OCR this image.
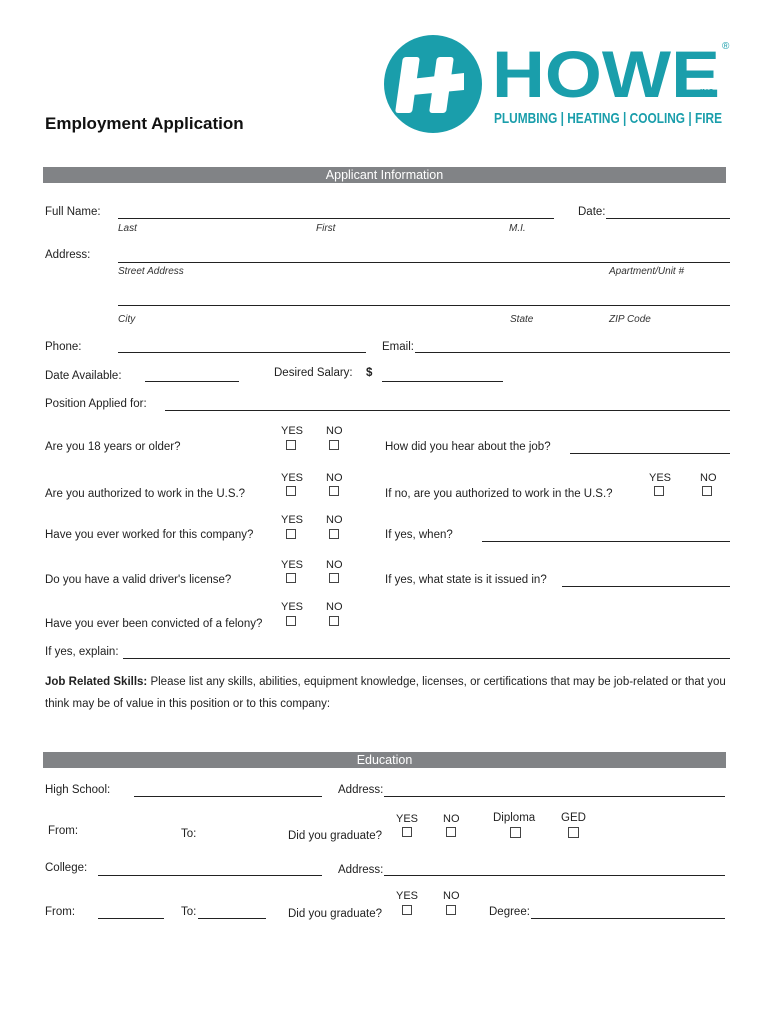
HOWE ®
INC.
PLUMBING | HEATING | COOLING | FIRE
Employment Application
Applicant Information
Full Name:	Date:
Last	First	M.I.
Address:
Street Address	Apartment/Unit #
City	State	ZIP Code
Phone:	Email:
Date Available:	Desired Salary: $
Position Applied for:
YES NO
Are you 18 years or older?	How did you hear about the job?
YES NO
Are you authorized to work in the U.S.?	If no, are you authorized to work in the U.S.?
YES	NO
YES NO
Have you ever worked for this company?	If yes, when?
YES NO
Do you have a valid driver's license?	If yes, what state is it issued in?
YES NO
Have you ever been convicted of a felony?
If yes, explain:
Job Related Skills: Please list any skills, abilities, equipment knowledge, licenses, or certifications that may be job-related or that you think may be of value in this position or to this company:
Education
High School:	Address:
YES NO	Diploma GED
From:	To:	Did you graduate?
College:	Address:
YES NO
From:	To:	Did you graduate?	Degree:
